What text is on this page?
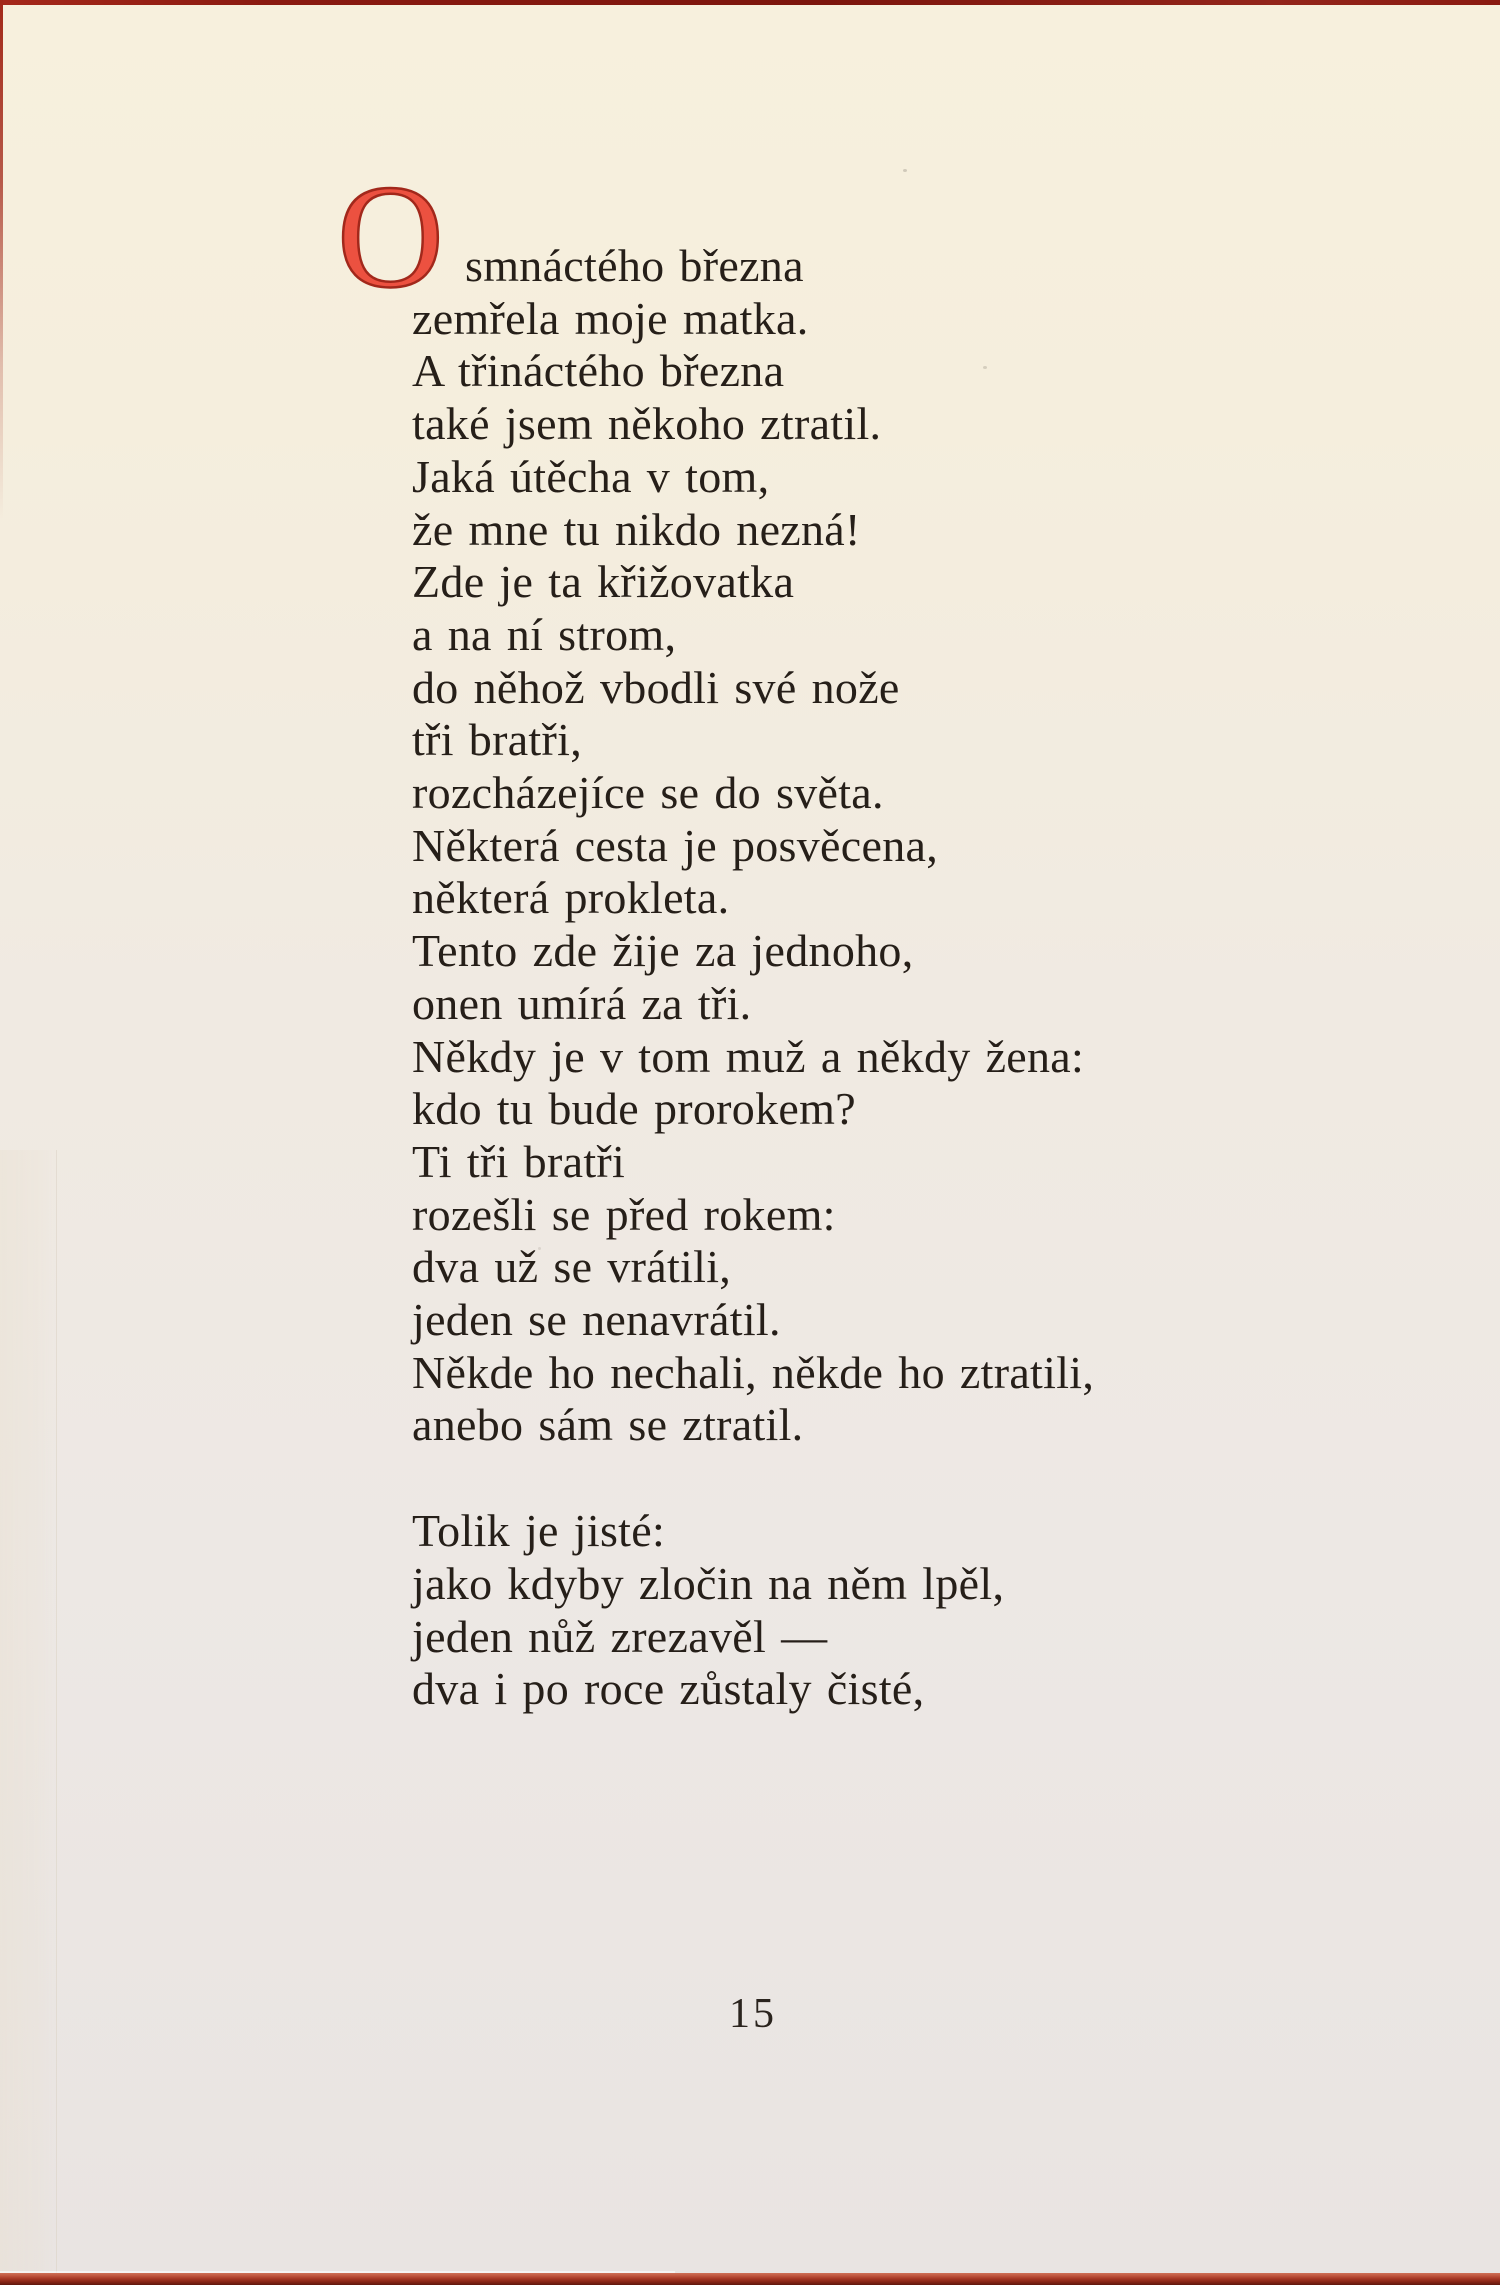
O smnáctého března
zemřela moje matka.
A třináctého března
také jsem někoho ztratil.
Jaká útěcha v tom,
že mne tu nikdo nezná!
Zde je ta křižovatka
a na ní strom,
do něhož vbodli své nože
tři bratři,
rozcházejíce se do světa.
Některá cesta je posvěcena,
některá prokleta.
Tento zde žije za jednoho,
onen umírá za tři.
Někdy je v tom muž a někdy žena:
kdo tu bude prorokem?
Ti tři bratři
rozešli se před rokem:
dva už se vrátili,
jeden se nenavrátil.
Někde ho nechali, někde ho ztratili,
anebo sám se ztratil.
Tolik je jisté:
jako kdyby zločin na něm lpěl,
jeden nůž zrezavěl —
dva i po roce zůstaly čisté,
15
